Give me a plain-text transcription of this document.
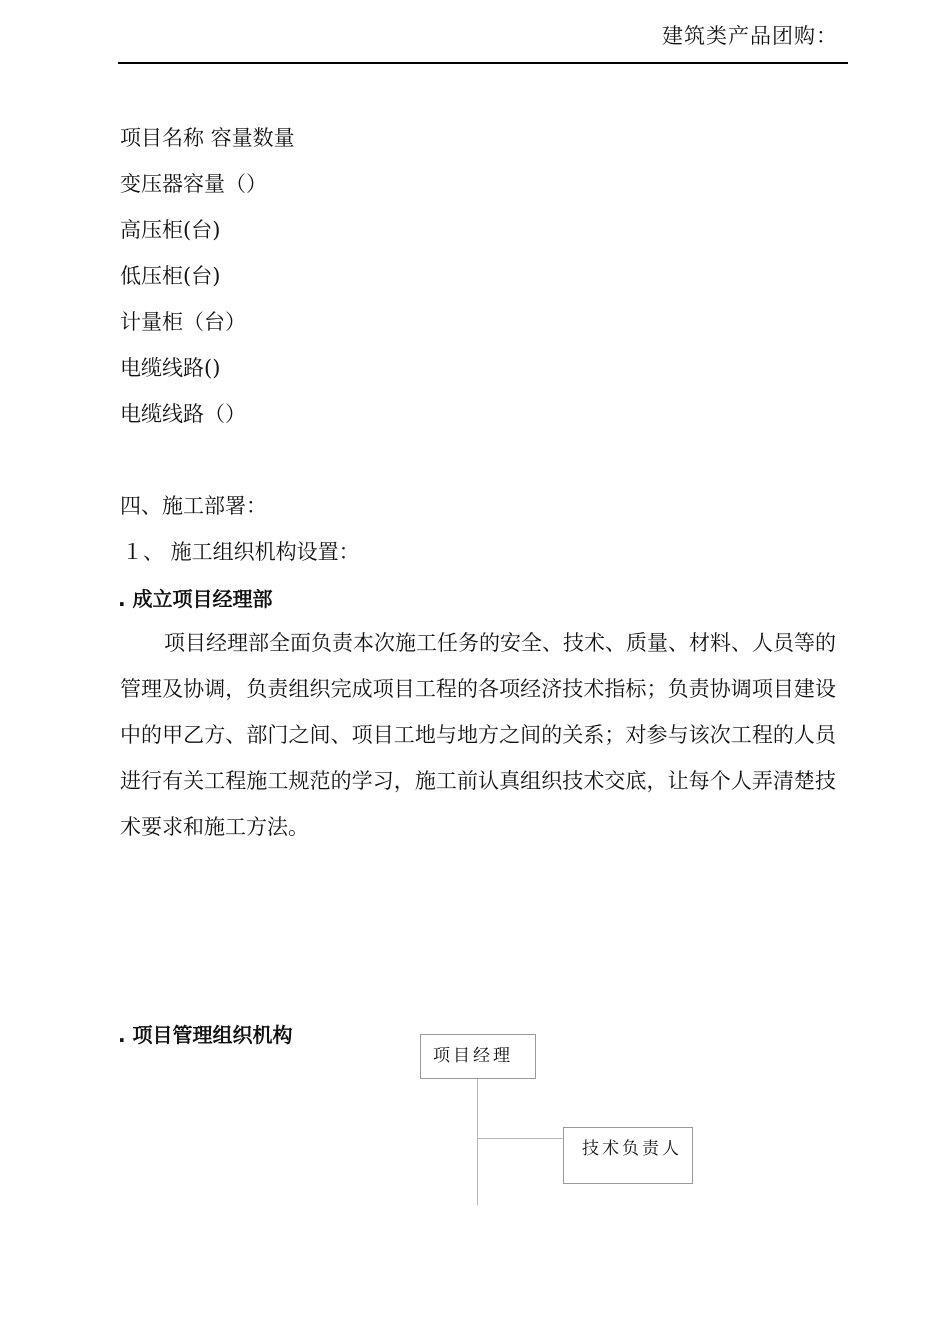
建筑类产品团购：
项目名称 容量数量
变压器容量（）
高压柜(台)
低压柜(台)
计量柜（台）
电缆线路()
电缆线路（）
四、施工部署：
１、 施工组织机构设置：
. 成立项目经理部
项目经理部全面负责本次施工任务的安全、技术、质量、材料、人员等的管理及协调，负责组织完成项目工程的各项经济技术指标；负责协调项目建设中的甲乙方、部门之间、项目工地与地方之间的关系；对参与该次工程的人员进行有关工程施工规范的学习，施工前认真组织技术交底，让每个人弄清楚技术要求和施工方法。
. 项目管理组织机构
项目经理
技术负责人
